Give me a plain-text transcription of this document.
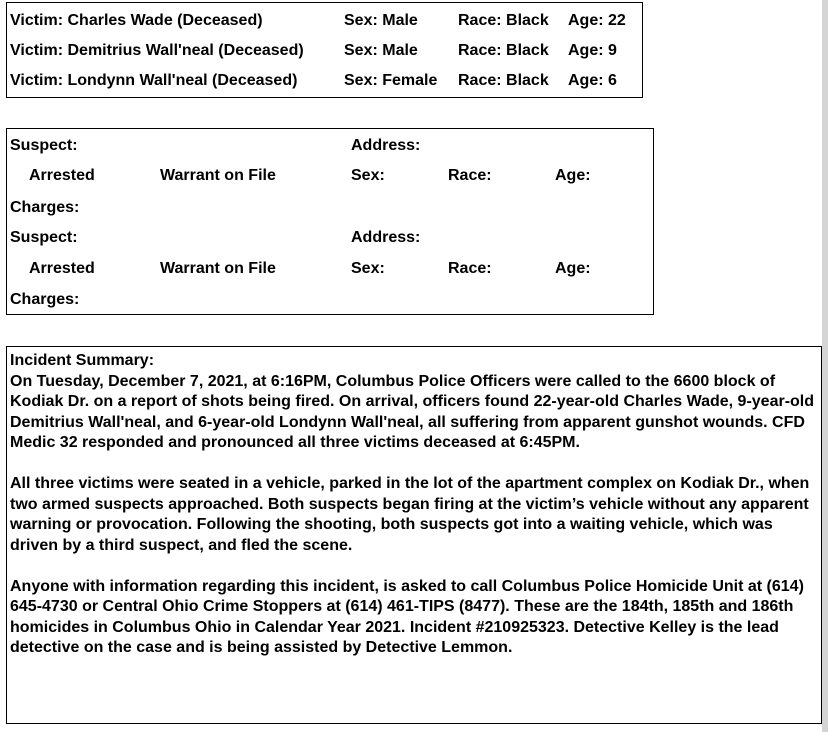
Victim: Charles Wade (Deceased)	Sex: Male	Race: Black Age: 22
Victim: Demitrius Wall'neal (Deceased)	Sex: Male	Race: Black Age: 9
Victim: Londynn Wall'neal (Deceased)	Sex: Female Race: Black Age: 6
Suspect:	Address:
Arrested	Warrant on File	Sex:	Race:	Age:
Charges:
Suspect:	Address:
Arrested	Warrant on File	Sex:	Race:	Age:
Charges:

Incident Summary:

On Tuesday, December 7, 2021, at 6:16PM, Columbus Police Officers were called to the 6600 block of Kodiak Dr. on a report of shots being fired. On arrival, officers found 22-year-old Charles Wade, 9-year-old Demitrius Wall'neal, and 6-year-old Londynn Wall'neal, all suffering from apparent gunshot wounds. CFD Medic 32 responded and pronounced all three victims deceased at 6:45PM.

All three victims were seated in a vehicle, parked in the lot of the apartment complex on Kodiak Dr., when two armed suspects approached. Both suspects began firing at the victim’s vehicle without any apparent warning or provocation. Following the shooting, both suspects got into a waiting vehicle, which was driven by a third suspect, and fled the scene.

Anyone with information regarding this incident, is asked to call Columbus Police Homicide Unit at (614) 645-4730 or Central Ohio Crime Stoppers at (614) 461-TIPS (8477). These are the 184th, 185th and 186th homicides in Columbus Ohio in Calendar Year 2021. Incident #210925323. Detective Kelley is the lead detective on the case and is being assisted by Detective Lemmon.
